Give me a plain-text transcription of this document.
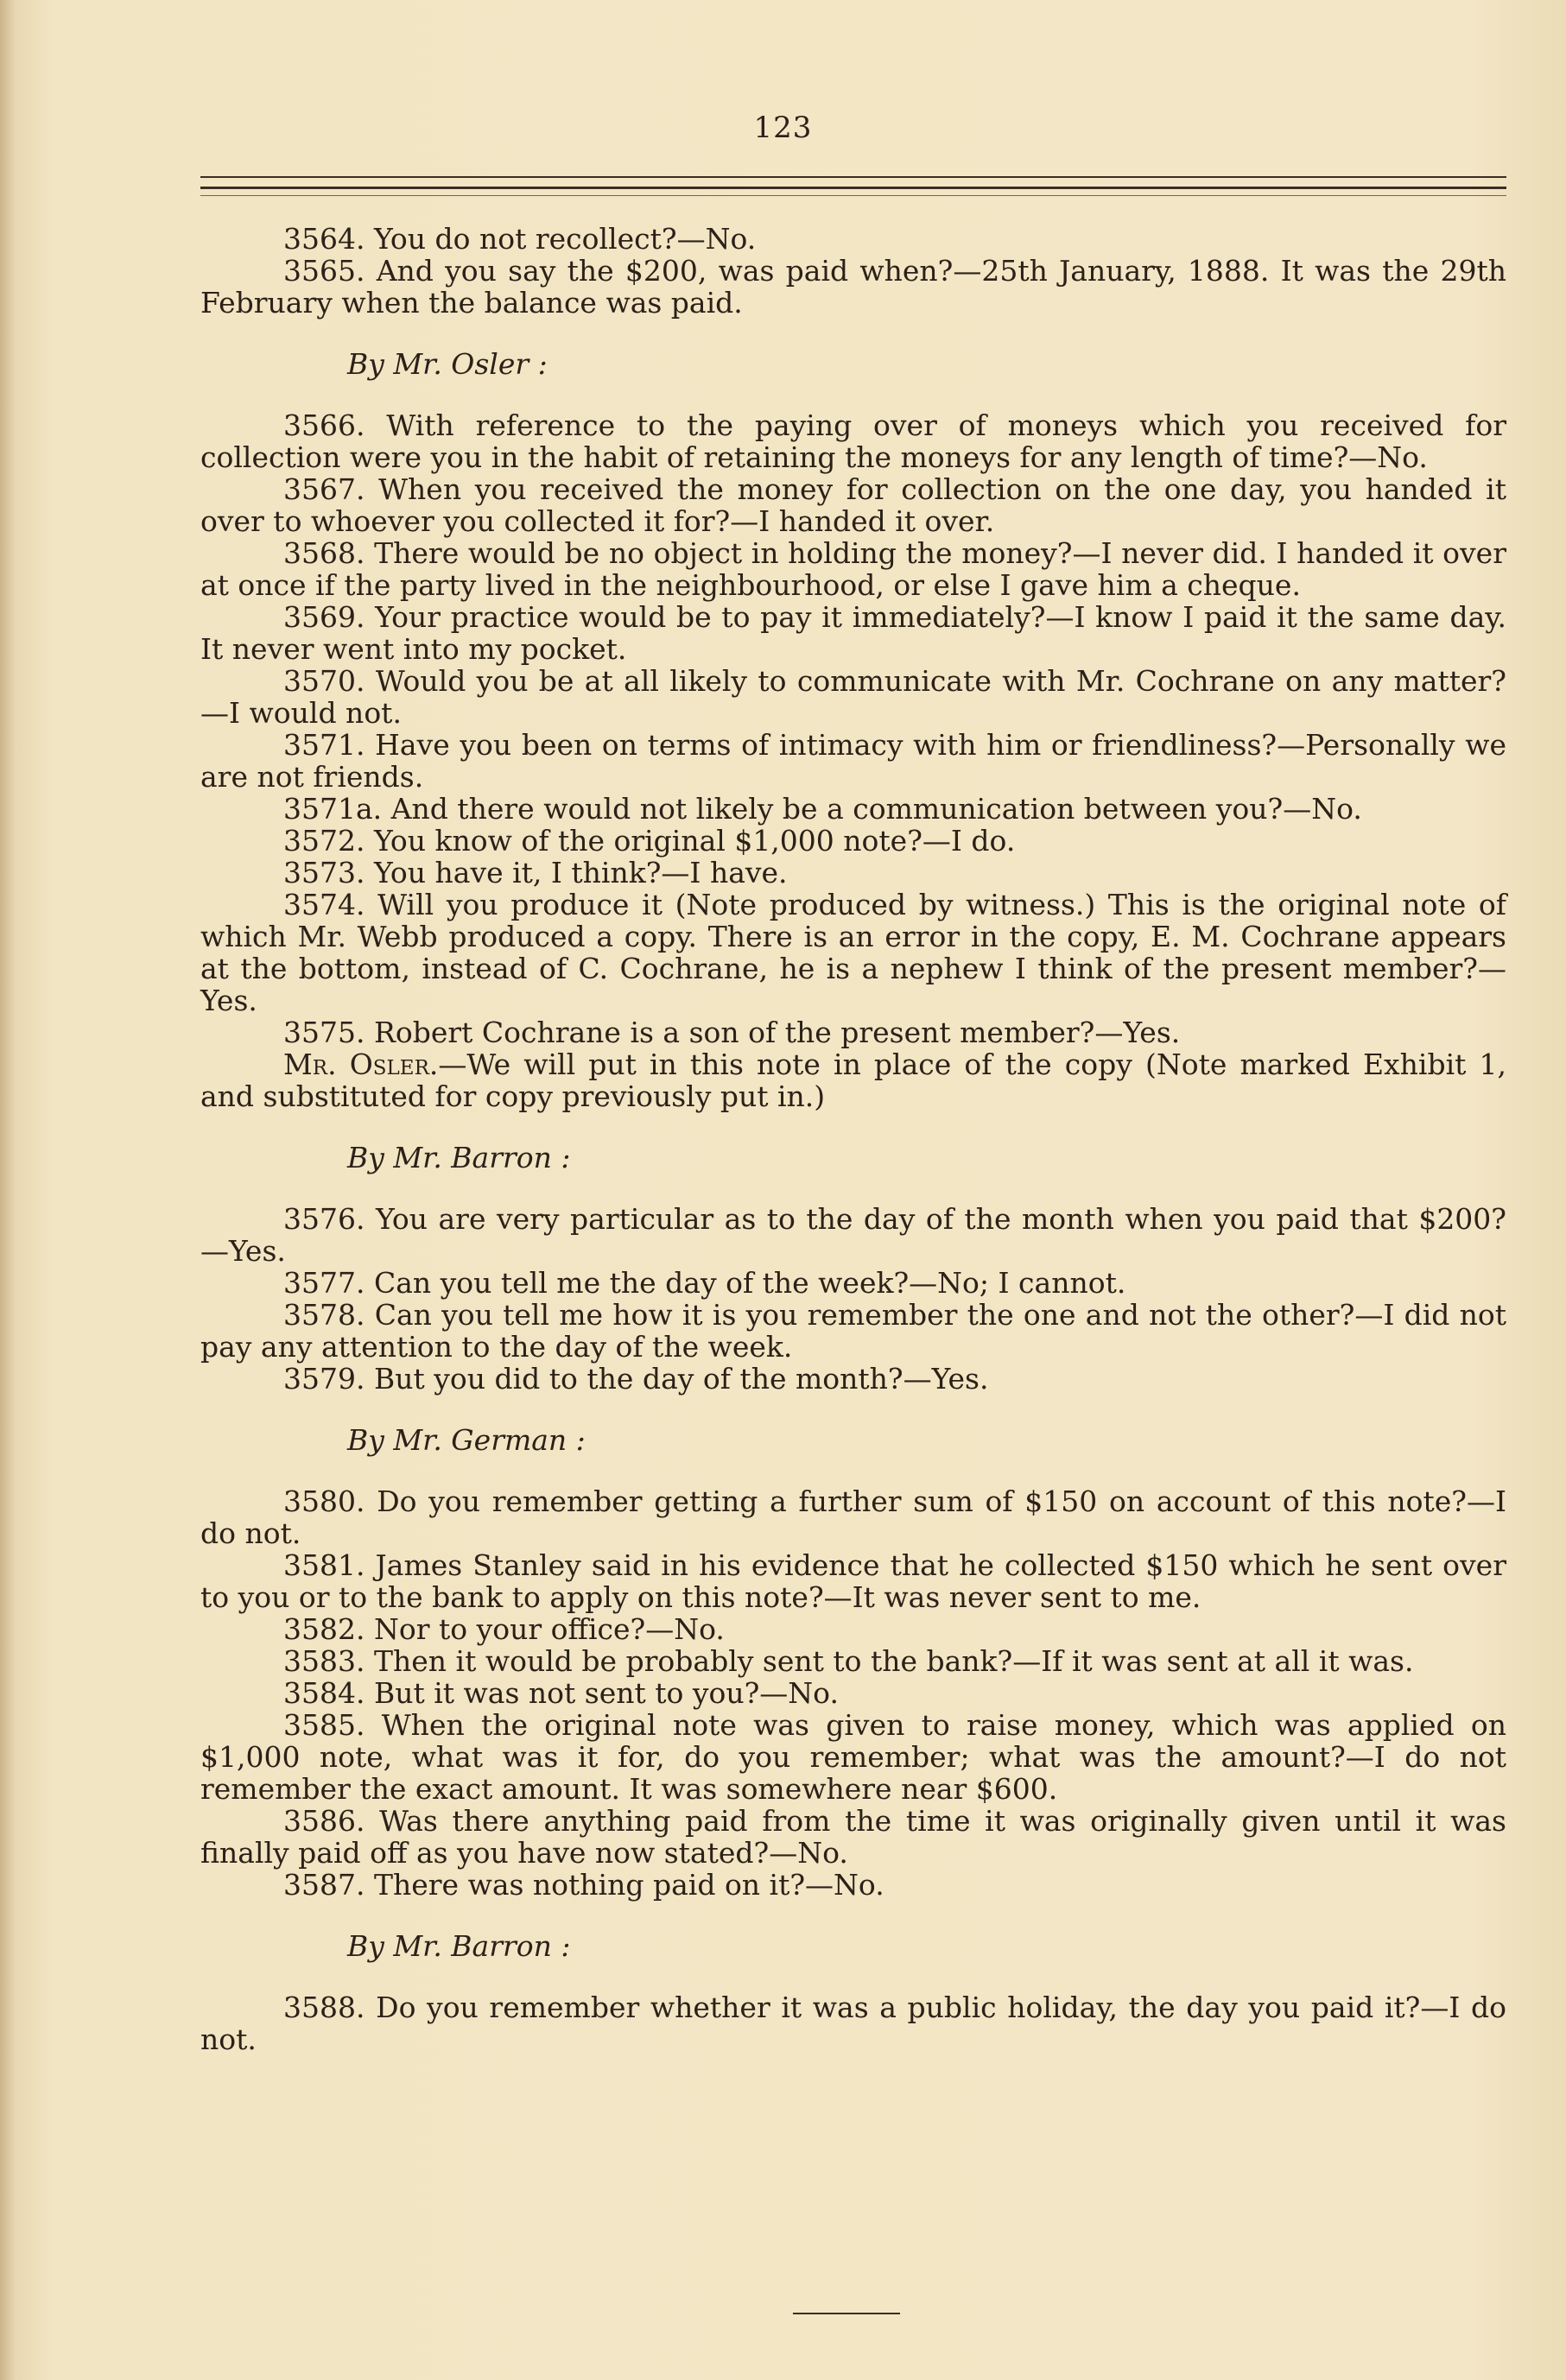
123

3564. You do not recollect?—No.

3565. And you say the $200, was paid when?—25th January, 1888. It was the 29th February when the balance was paid.

By Mr. Osler :

3566. With reference to the paying over of moneys which you received for collection were you in the habit of retaining the moneys for any length of time?—No.

3567. When you received the money for collection on the one day, you handed it over to whoever you collected it for?—I handed it over.

3568. There would be no object in holding the money?—I never did. I handed it over at once if the party lived in the neighbourhood, or else I gave him a cheque.

3569. Your practice would be to pay it immediately?—I know I paid it the same day. It never went into my pocket.

3570. Would you be at all likely to communicate with Mr. Cochrane on any matter?—I would not.

3571. Have you been on terms of intimacy with him or friendliness?—Personally we are not friends.

3571a. And there would not likely be a communication between you?—No.

3572. You know of the original $1,000 note?—I do.

3573. You have it, I think?—I have.

3574. Will you produce it (Note produced by witness.) This is the original note of which Mr. Webb produced a copy. There is an error in the copy, E. M. Cochrane appears at the bottom, instead of C. Cochrane, he is a nephew I think of the present member?—Yes.

3575. Robert Cochrane is a son of the present member?—Yes.

Mr. Osler.—We will put in this note in place of the copy (Note marked Exhibit 1, and substituted for copy previously put in.)

By Mr. Barron :

3576. You are very particular as to the day of the month when you paid that $200?—Yes.

3577. Can you tell me the day of the week?—No; I cannot.

3578. Can you tell me how it is you remember the one and not the other?—I did not pay any attention to the day of the week.

3579. But you did to the day of the month?—Yes.

By Mr. German :

3580. Do you remember getting a further sum of $150 on account of this note?—I do not.

3581. James Stanley said in his evidence that he collected $150 which he sent over to you or to the bank to apply on this note?—It was never sent to me.

3582. Nor to your office?—No.

3583. Then it would be probably sent to the bank?—If it was sent at all it was.

3584. But it was not sent to you?—No.

3585. When the original note was given to raise money, which was applied on $1,000 note, what was it for, do you remember; what was the amount?—I do not remember the exact amount. It was somewhere near $600.

3586. Was there anything paid from the time it was originally given until it was finally paid off as you have now stated?—No.

3587. There was nothing paid on it?—No.

By Mr. Barron :

3588. Do you remember whether it was a public holiday, the day you paid it?—I do not.
